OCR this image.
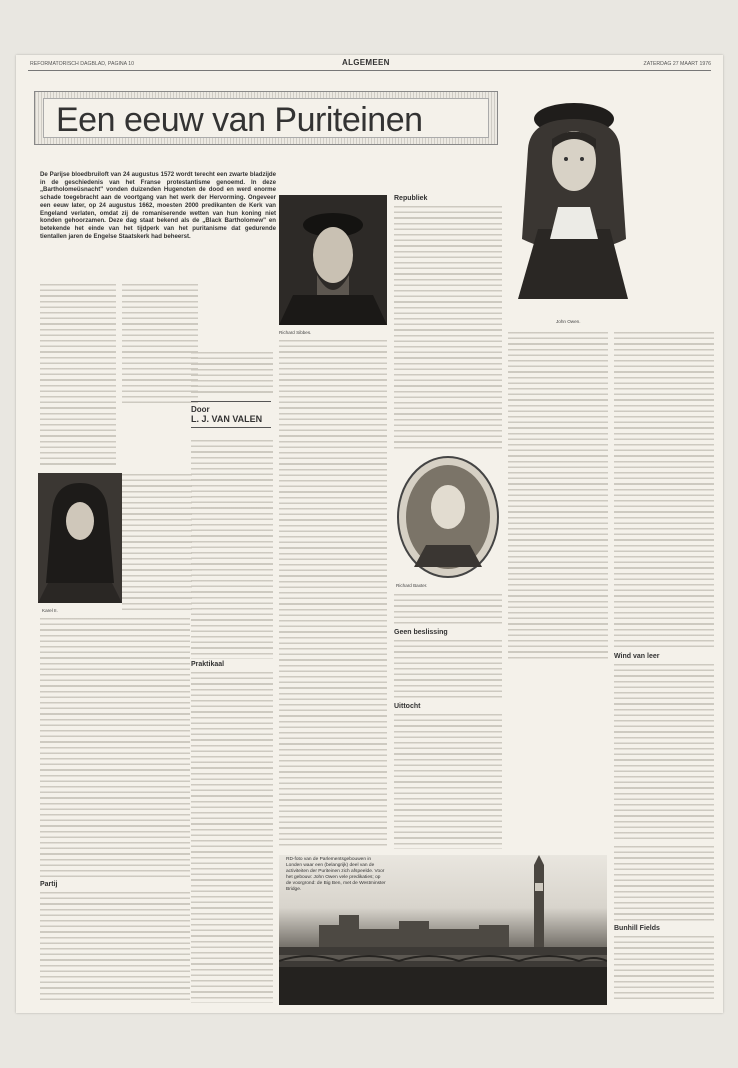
REFORMATORISCH DAGBLAD, PAGINA 10	ALGEMEEN	ZATERDAG 27 MAART 1976
Een eeuw van Puriteinen
John Owen.
De Parijse bloedbruiloft van 24 augustus 1572 wordt terecht een zwarte bladzijde in de geschiedenis van het Franse protestantisme genoemd. In deze „Bartholomeüsnacht" vonden duizenden Hugenoten de dood en werd enorme schade toegebracht aan de voortgang van het werk der Hervorming. Ongeveer een eeuw later, op 24 augustus 1662, moesten 2000 predikanten de Kerk van Engeland verlaten, omdat zij de romaniserende wetten van hun koning niet konden gehoorzamen. Deze dag staat bekend als de „Black Bartholomew" en betekende het einde van het tijdperk van het puritanisme dat gedurende tientallen jaren de Engelse Staatskerk had beheerst.
Karel II.
Partij
Door
L. J. VAN VALEN
Praktikaal
Richard Sibbes.
Republiek
Richard Baxter.
Geen beslissing
Uittocht
Wind van leer
Bunhill Fields
RD-foto van de Parlementsgebouwen in Londen waar een (belangrijk) deel van de activiteiten der Puriteinen zich afspeelde. Voor het gebouw: John Owen vele predikaties; op de voorgrond: de Big Ben, met de Westminster Bridge.
